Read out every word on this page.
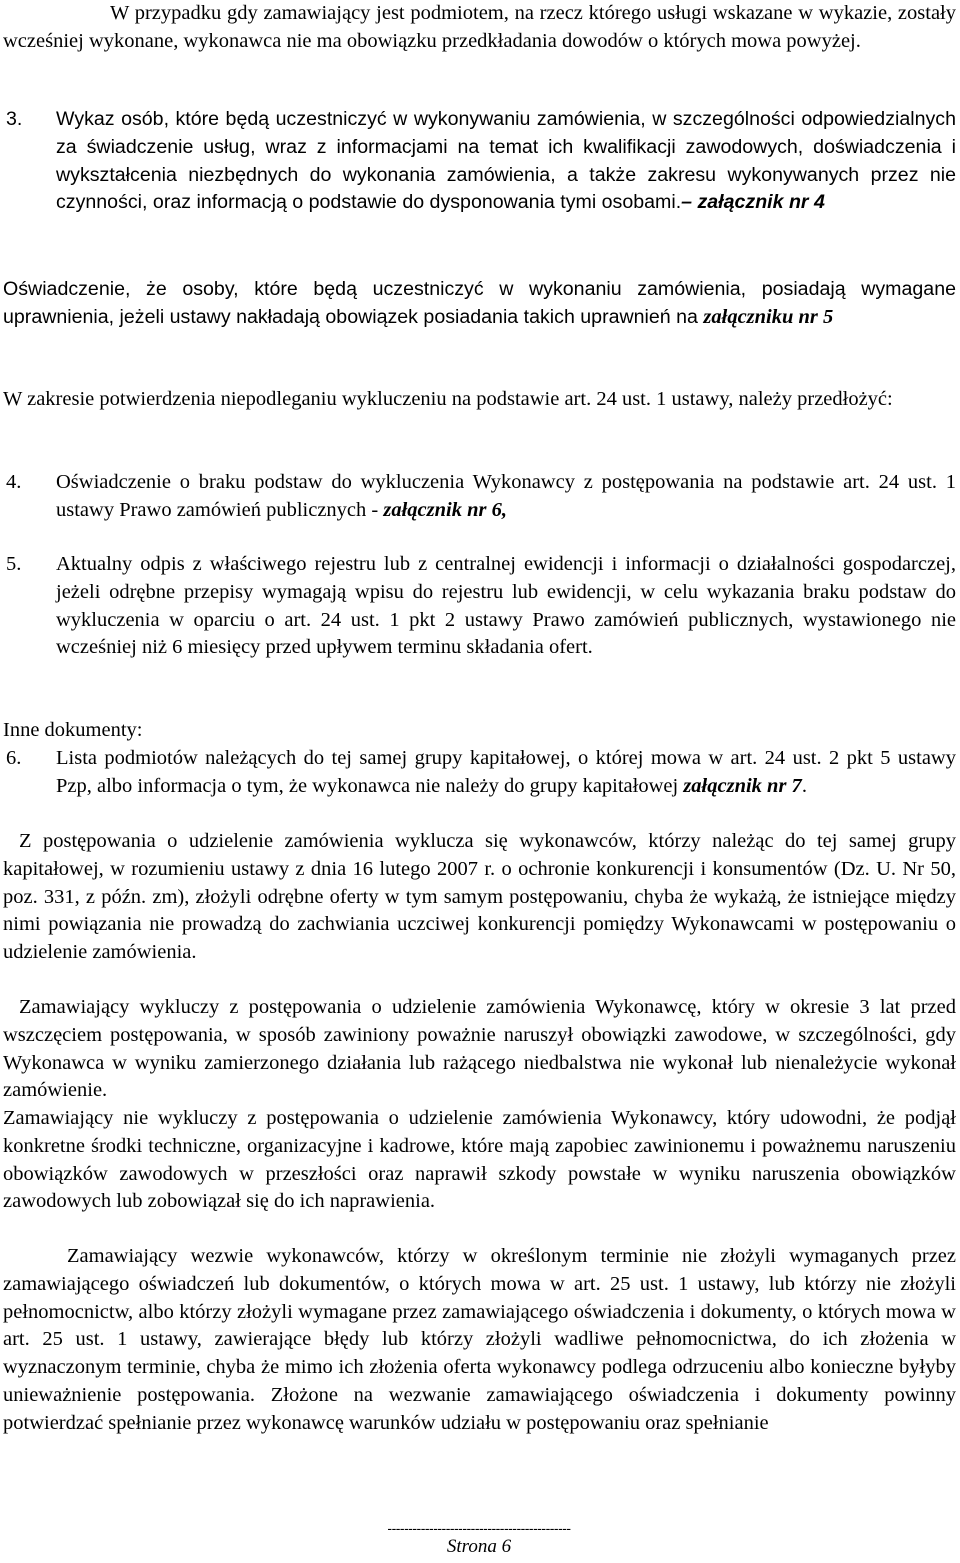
W przypadku gdy zamawiający jest podmiotem, na rzecz którego usługi wskazane w wykazie, zostały wcześniej wykonane, wykonawca nie ma obowiązku przedkładania dowodów o których mowa powyżej.

3. Wykaz osób, które będą uczestniczyć w wykonywaniu zamówienia, w szczególności odpowiedzialnych za świadczenie usług, wraz z informacjami na temat ich kwalifikacji zawodowych, doświadczenia i wykształcenia niezbędnych do wykonania zamówienia, a także zakresu wykonywanych przez nie czynności, oraz informacją o podstawie do dysponowania tymi osobami.– załącznik nr 4

Oświadczenie, że osoby, które będą uczestniczyć w wykonaniu zamówienia, posiadają wymagane uprawnienia, jeżeli ustawy nakładają obowiązek posiadania takich uprawnień na załączniku nr 5

W zakresie potwierdzenia niepodleganiu wykluczeniu na podstawie art. 24 ust. 1 ustawy, należy przedłożyć:

4. Oświadczenie o braku podstaw do wykluczenia Wykonawcy z postępowania na podstawie art. 24 ust. 1 ustawy Prawo zamówień publicznych - załącznik nr 6,
5. Aktualny odpis z właściwego rejestru lub z centralnej ewidencji i informacji o działalności gospodarczej, jeżeli odrębne przepisy wymagają wpisu do rejestru lub ewidencji, w celu wykazania braku podstaw do wykluczenia w oparciu o art. 24 ust. 1 pkt 2 ustawy Prawo zamówień publicznych, wystawionego nie wcześniej niż 6 miesięcy przed upływem terminu składania ofert.

Inne dokumenty:

6. Lista podmiotów należących do tej samej grupy kapitałowej, o której mowa w art. 24 ust. 2 pkt 5 ustawy Pzp, albo informacja o tym, że wykonawca nie należy do grupy kapitałowej załącznik nr 7.

Z postępowania o udzielenie zamówienia wyklucza się wykonawców, którzy należąc do tej samej grupy kapitałowej, w rozumieniu ustawy z dnia 16 lutego 2007 r. o ochronie konkurencji i konsumentów (Dz. U. Nr 50, poz. 331, z późn. zm), złożyli odrębne oferty w tym samym postępowaniu, chyba że wykażą, że istniejące między nimi powiązania nie prowadzą do zachwiania uczciwej konkurencji pomiędzy Wykonawcami w postępowaniu o udzielenie zamówienia.

Zamawiający wykluczy z postępowania o udzielenie zamówienia Wykonawcę, który w okresie 3 lat przed wszczęciem postępowania, w sposób zawiniony poważnie naruszył obowiązki zawodowe, w szczególności, gdy Wykonawca w wyniku zamierzonego działania lub rażącego niedbalstwa nie wykonał lub nienależycie wykonał zamówienie.

Zamawiający nie wykluczy z postępowania o udzielenie zamówienia Wykonawcy, który udowodni, że podjął konkretne środki techniczne, organizacyjne i kadrowe, które mają zapobiec zawinionemu i poważnemu naruszeniu obowiązków zawodowych w przeszłości oraz naprawił szkody powstałe w wyniku naruszenia obowiązków zawodowych lub zobowiązał się do ich naprawienia.

Zamawiający wezwie wykonawców, którzy w określonym terminie nie złożyli wymaganych przez zamawiającego oświadczeń lub dokumentów, o których mowa w art. 25 ust. 1 ustawy, lub którzy nie złożyli pełnomocnictw, albo którzy złożyli wymagane przez zamawiającego oświadczenia i dokumenty, o których mowa w art. 25 ust. 1 ustawy, zawierające błędy lub którzy złożyli wadliwe pełnomocnictwa, do ich złożenia w wyznaczonym terminie, chyba że mimo ich złożenia oferta wykonawcy podlega odrzuceniu albo konieczne byłyby unieważnienie postępowania. Złożone na wezwanie zamawiającego oświadczenia i dokumenty powinny potwierdzać spełnianie przez wykonawcę warunków udziału w postępowaniu oraz spełnianie

--------------------------------------------
Strona 6
